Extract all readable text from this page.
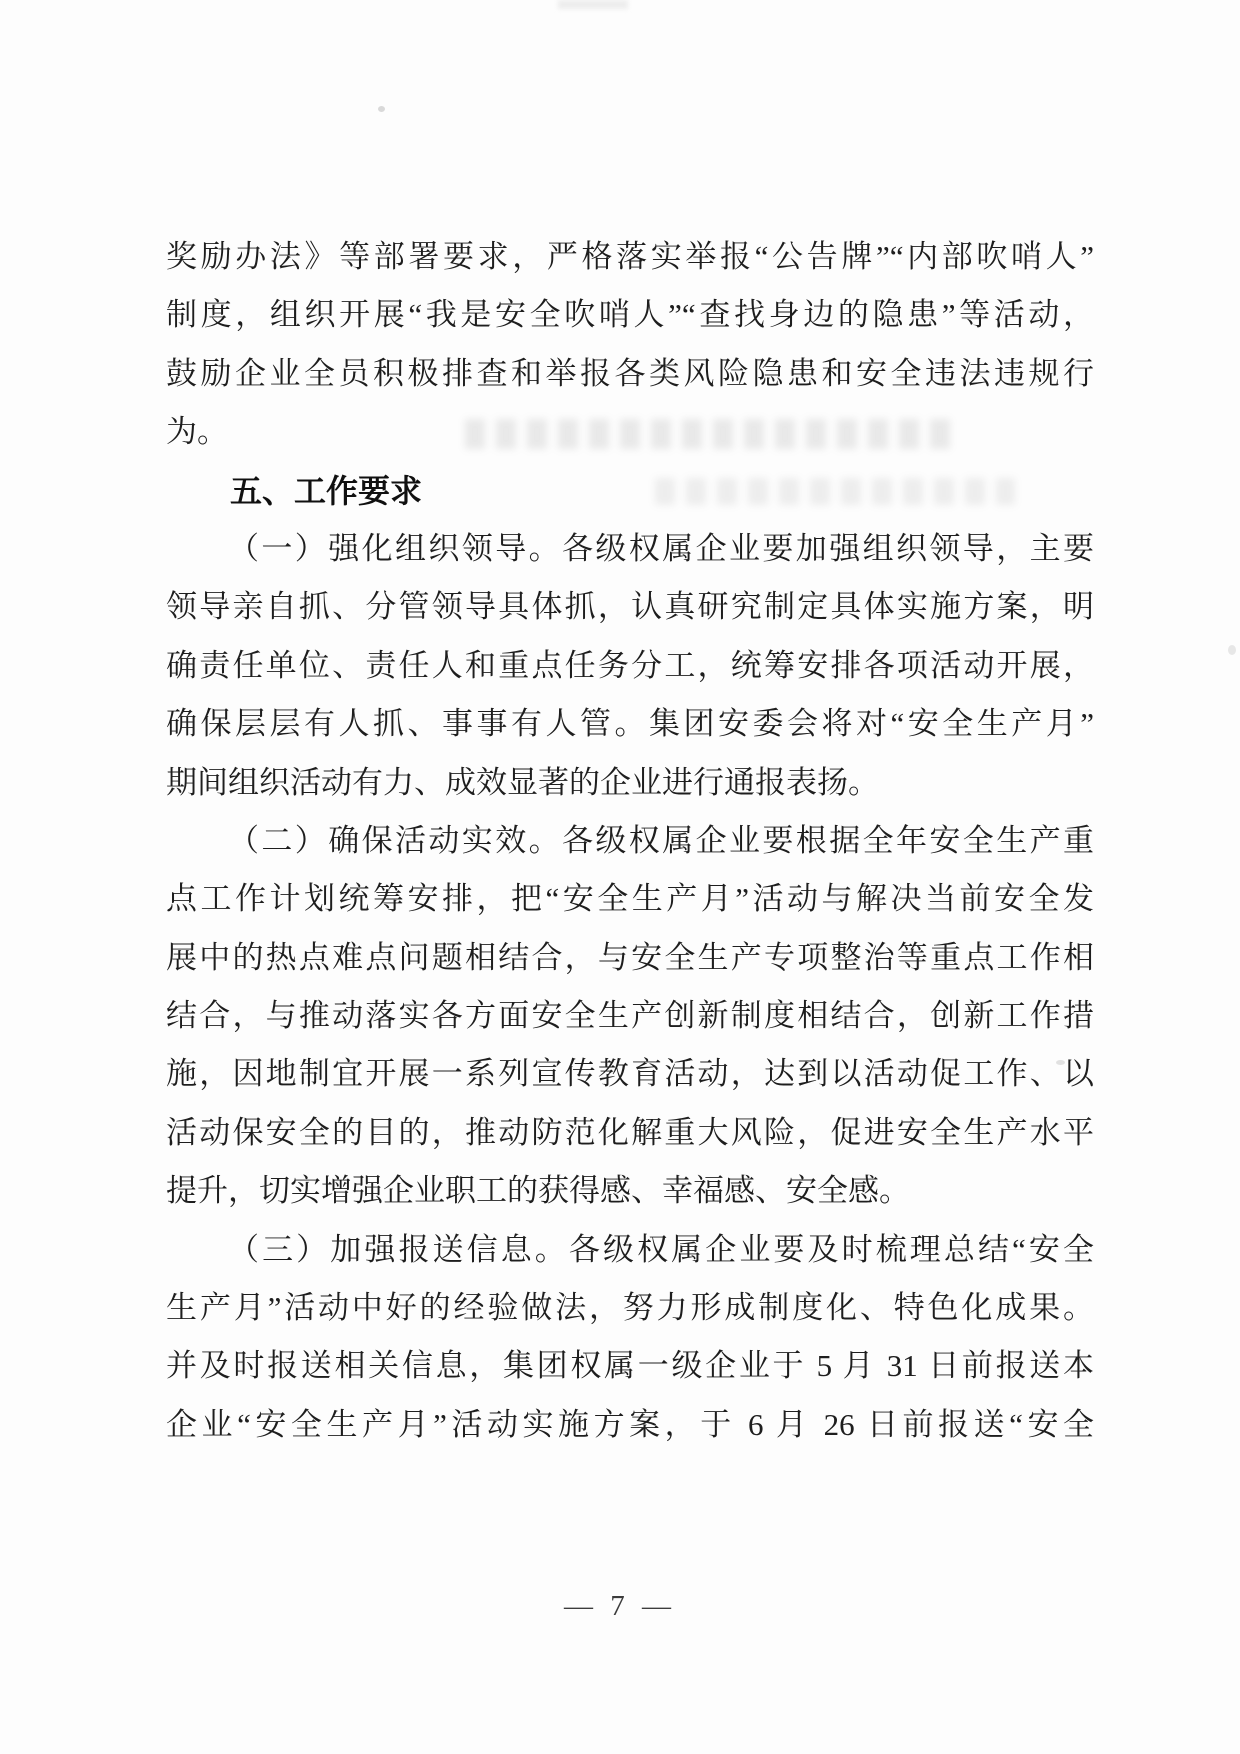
奖励办法》等部署要求，严格落实举报“公告牌”“内部吹哨人”
制度，组织开展“我是安全吹哨人”“查找身边的隐患”等活动，
鼓励企业全员积极排查和举报各类风险隐患和安全违法违规行
为。
五、工作要求
（一）强化组织领导。各级权属企业要加强组织领导，主要
领导亲自抓、分管领导具体抓，认真研究制定具体实施方案，明
确责任单位、责任人和重点任务分工，统筹安排各项活动开展，
确保层层有人抓、事事有人管。集团安委会将对“安全生产月”
期间组织活动有力、成效显著的企业进行通报表扬。
（二）确保活动实效。各级权属企业要根据全年安全生产重
点工作计划统筹安排，把“安全生产月”活动与解决当前安全发
展中的热点难点问题相结合，与安全生产专项整治等重点工作相
结合，与推动落实各方面安全生产创新制度相结合，创新工作措
施，因地制宜开展一系列宣传教育活动，达到以活动促工作、以
活动保安全的目的，推动防范化解重大风险，促进安全生产水平
提升，切实增强企业职工的获得感、幸福感、安全感。
（三）加强报送信息。各级权属企业要及时梳理总结“安全
生产月”活动中好的经验做法，努力形成制度化、特色化成果。
并及时报送相关信息，集团权属一级企业于 5 月 31 日前报送本
企业“安全生产月”活动实施方案，于 6 月 26 日前报送“安全
— 7 —
